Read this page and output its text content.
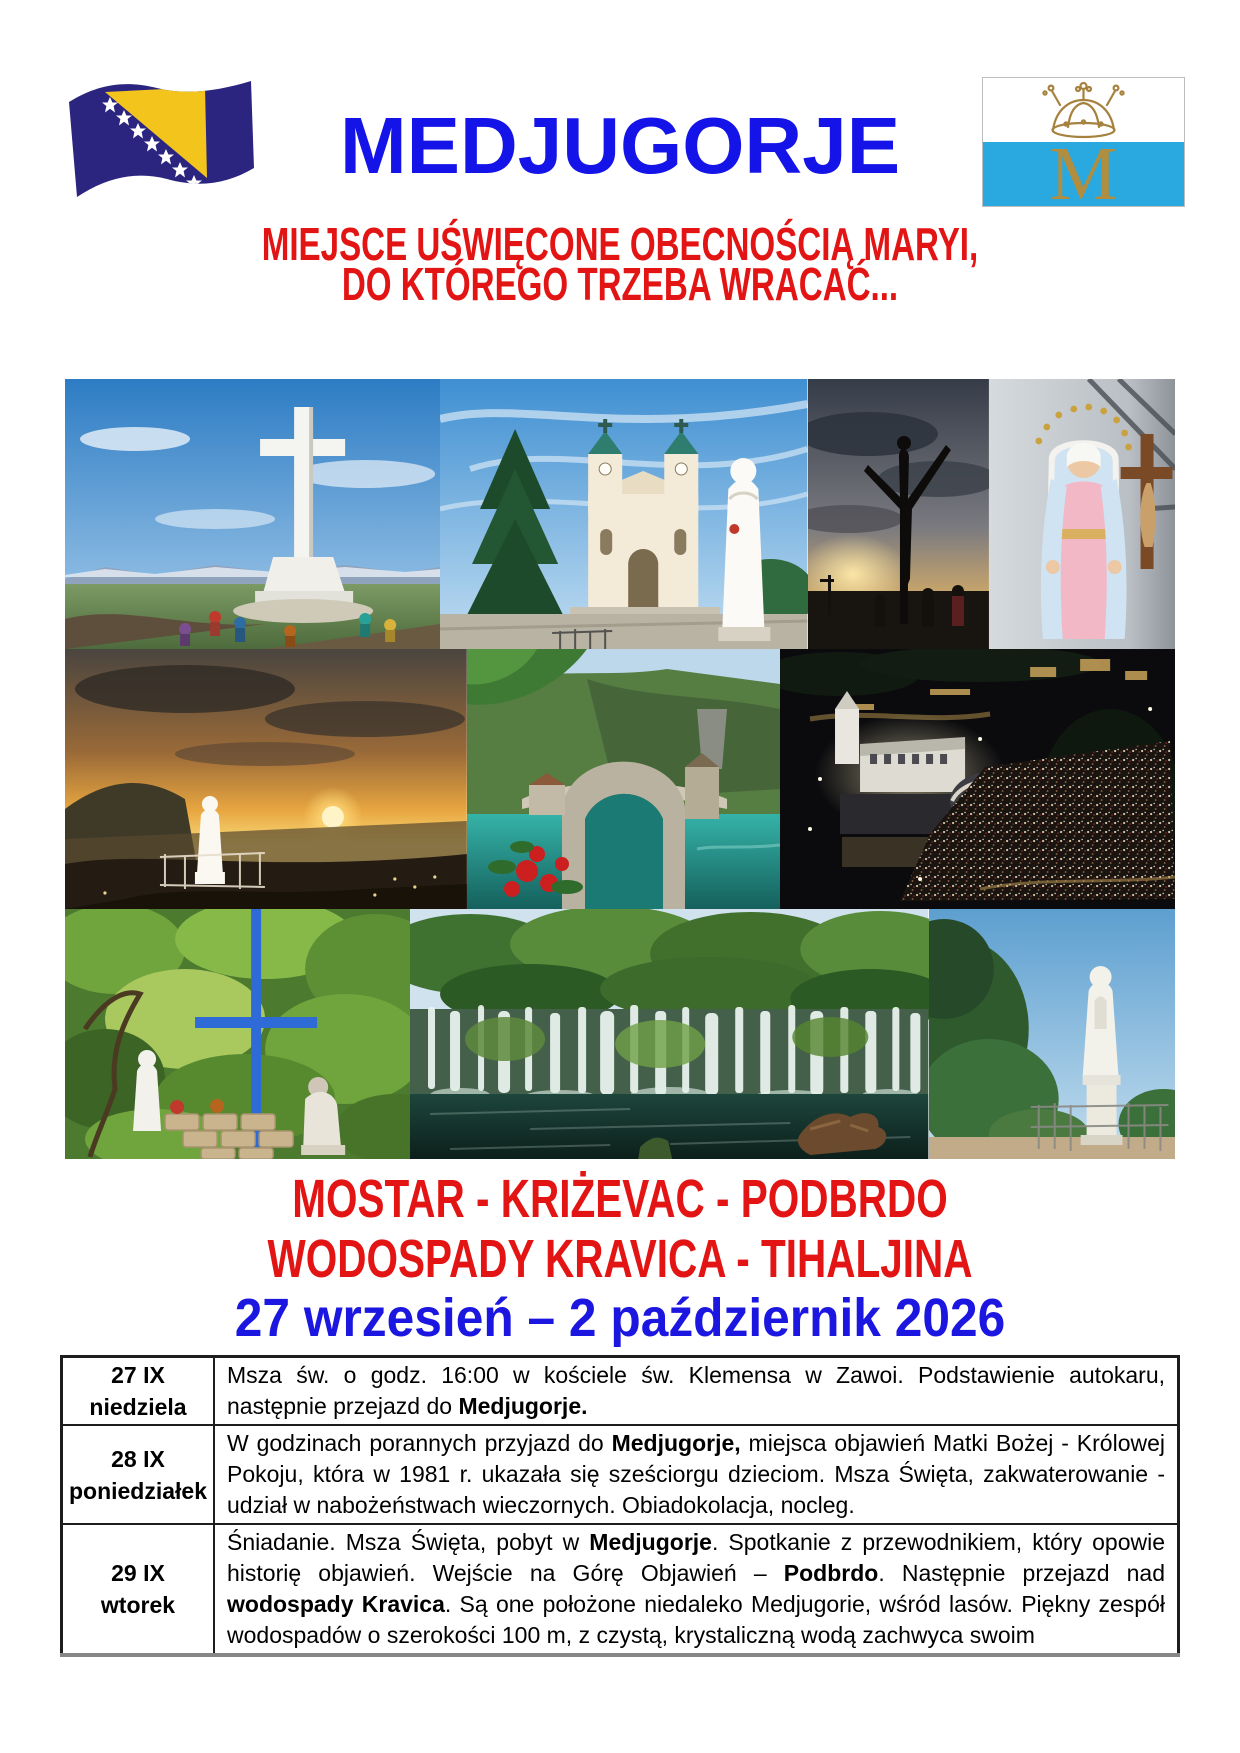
MEDJUGORJE	M
MIEJSCE UŚWIĘCONE OBECNOŚCIĄ MARYI,
DO KTÓREGO TRZEBA WRACAĆ...
MOSTAR - KRIŻEVAC - PODBRDO
WODOSPADY KRAVICA - TIHALJINA
27 wrzesień – 2 październik 2026
27 IX
niedziela	Msza św. o godz. 16:00 w kościele św. Klemensa w Zawoi. Podstawienie autokaru, następnie przejazd do Medjugorje.

28 IX
poniedziałek	W godzinach porannych przyjazd do Medjugorje, miejsca objawień Matki Bożej - Królowej Pokoju, która w 1981 r. ukazała się sześciorgu dzieciom. Msza Święta, zakwaterowanie - udział w nabożeństwach wieczornych. Obiadokolacja, nocleg.

29 IX
wtorek	Śniadanie. Msza Święta, pobyt w Medjugorje. Spotkanie z przewodnikiem, który opowie historię objawień. Wejście na Górę Objawień – Podbrdo. Następnie przejazd nad wodospady Kravica. Są one położone niedaleko Medjugorie, wśród lasów. Piękny zespół wodospadów o szerokości 100 m, z czystą, krystaliczną wodą zachwyca swoim
